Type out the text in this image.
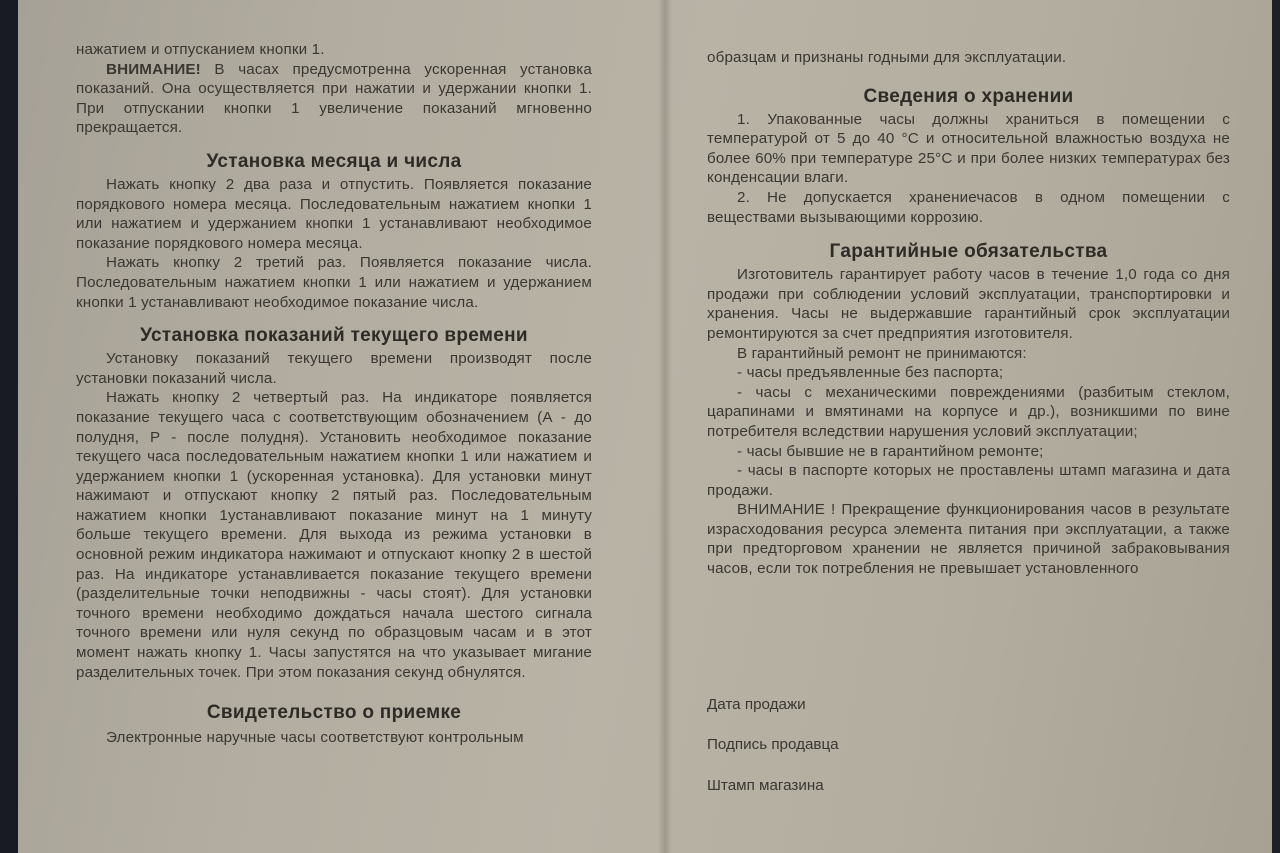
нажатием и отпусканием кнопки 1.

ВНИМАНИЕ! В часах предусмотренна ускоренная установка показаний. Она осуществляется при нажатии и удержании кнопки 1. При отпускании кнопки 1 увеличение показаний мгновенно прекращается.

Установка месяца и числа

Нажать кнопку 2 два раза и отпустить. Появляется показание порядкового номера месяца. Последовательным нажатием кнопки 1 или нажатием и удержанием кнопки 1 устанавливают необходимое показание порядкового номера месяца.

Нажать кнопку 2 третий раз. Появляется показание числа. Последовательным нажатием кнопки 1 или нажатием и удержанием кнопки 1 устанавливают необходимое показание числа.

Установка показаний текущего времени

Установку показаний текущего времени производят после установки показаний числа.

Нажать кнопку 2 четвертый раз. На индикаторе появляется показание текущего часа с соответствующим обозначением (А - до полудня, Р - после полудня). Установить необходимое показание текущего часа последовательным нажатием кнопки 1 или нажатием и удержанием кнопки 1 (ускоренная установка). Для установки минут нажимают и отпускают кнопку 2 пятый раз. Последовательным нажатием кнопки 1устанавливают показание минут на 1 минуту больше текущего времени. Для выхода из режима установки в основной режим индикатора нажимают и отпускают кнопку 2 в шестой раз. На индикаторе устанавливается показание текущего времени (разделительные точки неподвижны - часы стоят). Для установки точного времени необходимо дождаться начала шестого сигнала точного времени или нуля секунд по образцовым часам и в этот момент нажать кнопку 1. Часы запустятся на что указывает мигание разделительных точек. При этом показания секунд обнулятся.

Свидетельство о приемке

Электронные наручные часы соответствуют контрольным

образцам и признаны годными для эксплуатации.

Сведения о хранении

1. Упакованные часы должны храниться в помещении с температурой от 5 до 40 °С и относительной влажностью воздуха не более 60% при температуре 25°С и при более низких температурах без конденсации влаги.

2. Не допускается хранениечасов в одном помещении с веществами вызывающими коррозию.

Гарантийные обязательства

Изготовитель гарантирует работу часов в течение 1,0 года со дня продажи при соблюдении условий эксплуатации, транспортировки и хранения. Часы не выдержавшие гарантийный срок эксплуатации ремонтируются за счет предприятия изготовителя.

В гарантийный ремонт не принимаются:

- часы предъявленные без паспорта;

- часы с механическими повреждениями (разбитым стеклом, царапинами и вмятинами на корпусе и др.), возникшими по вине потребителя вследствии нарушения условий эксплуатации;

- часы бывшие не в гарантийном ремонте;

- часы в паспорте которых не проставлены штамп магазина и дата продажи.

ВНИМАНИЕ ! Прекращение функционирования часов в результате израсходования ресурса элемента питания при эксплуатации, а также при предторговом хранении не является причиной забраковывания часов, если ток потребления не превышает установленного

Дата продажи
Подпись продавца
Штамп магазина
